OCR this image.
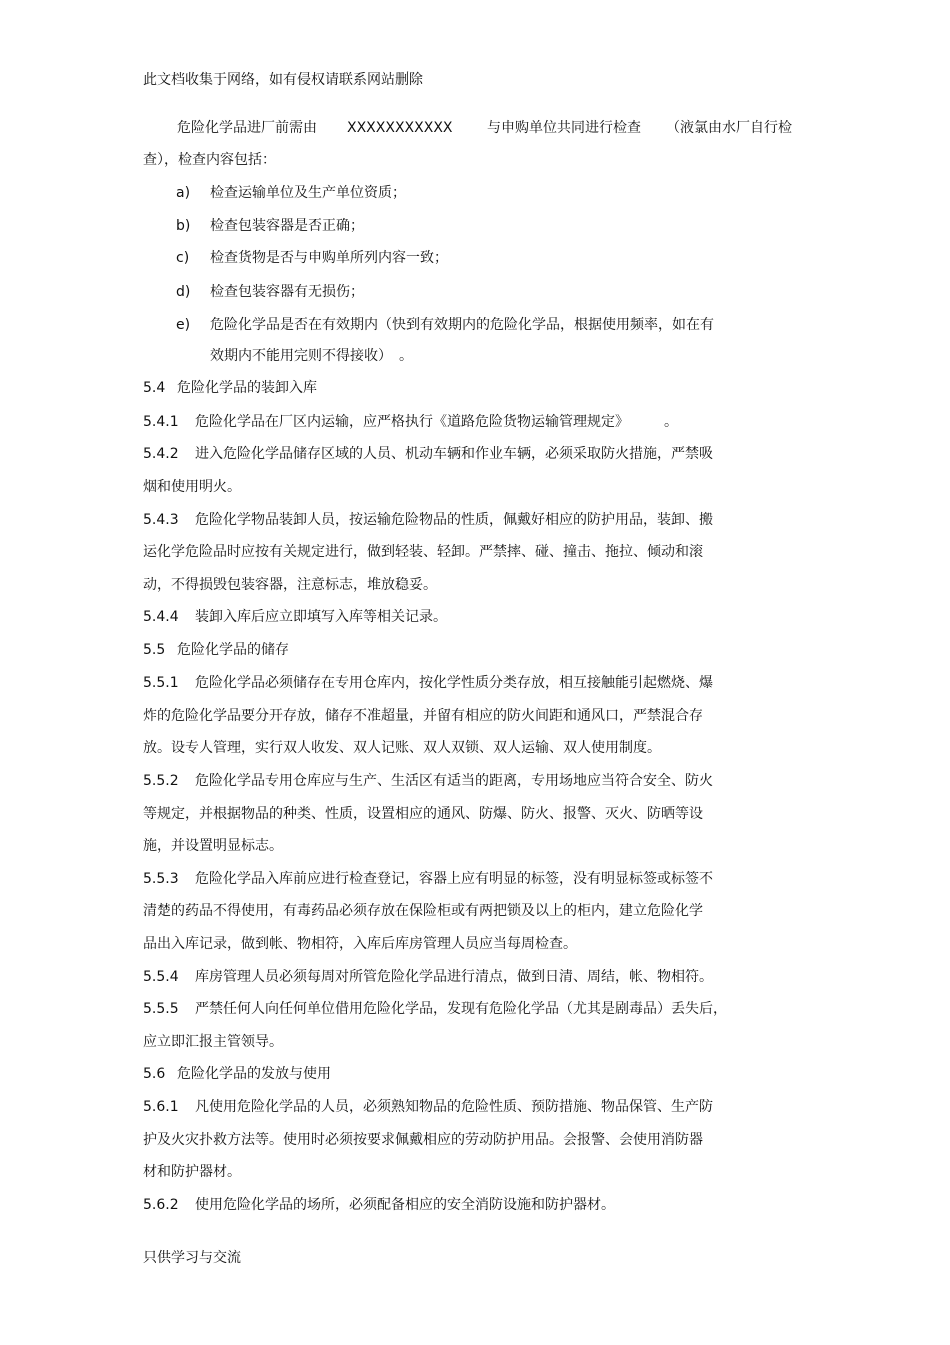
此文档收集于网络，如有侵权请联系网站删除
危险化学品进厂前需由 XXXXXXXXXXX 与申购单位共同进行检查 （液氯由水厂自行检
查），检查内容包括：
a) 检查运输单位及生产单位资质；
b) 检查包装容器是否正确；
c) 检查货物是否与申购单所列内容一致；
d) 检查包装容器有无损伤；
e) 危险化学品是否在有效期内（快到有效期内的危险化学品，根据使用频率，如在有
效期内不能用完则不得接收）　。
5.4 危险化学品的装卸入库
5.4.1 危险化学品在厂区内运输，应严格执行《道路危险货物运输管理规定》　　　。
5.4.2 进入危险化学品储存区域的人员、机动车辆和作业车辆，必须采取防火措施，严禁吸
烟和使用明火。
5.4.3 危险化学物品装卸人员，按运输危险物品的性质，佩戴好相应的防护用品，装卸、搬
运化学危险品时应按有关规定进行，做到轻装、轻卸。严禁摔、碰、撞击、拖拉、倾动和滚
动，不得损毁包装容器，注意标志，堆放稳妥。
5.4.4 装卸入库后应立即填写入库等相关记录。
5.5 危险化学品的储存
5.5.1 危险化学品必须储存在专用仓库内，按化学性质分类存放，相互接触能引起燃烧、爆
炸的危险化学品要分开存放，储存不准超量，并留有相应的防火间距和通风口，严禁混合存
放。设专人管理，实行双人收发、双人记账、双人双锁、双人运输、双人使用制度。
5.5.2 危险化学品专用仓库应与生产、生活区有适当的距离，专用场地应当符合安全、防火
等规定，并根据物品的种类、性质，设置相应的通风、防爆、防火、报警、灭火、防晒等设
施，并设置明显标志。
5.5.3 危险化学品入库前应进行检查登记，容器上应有明显的标签，没有明显标签或标签不
清楚的药品不得使用，有毒药品必须存放在保险柜或有两把锁及以上的柜内，建立危险化学
品出入库记录，做到帐、物相符，入库后库房管理人员应当每周检查。
5.5.4 库房管理人员必须每周对所管危险化学品进行清点，做到日清、周结，帐、物相符。
5.5.5 严禁任何人向任何单位借用危险化学品，发现有危险化学品（尤其是剧毒品）丢失后，
应立即汇报主管领导。
5.6 危险化学品的发放与使用
5.6.1 凡使用危险化学品的人员，必须熟知物品的危险性质、预防措施、物品保管、生产防
护及火灾扑救方法等。使用时必须按要求佩戴相应的劳动防护用品。会报警、会使用消防器
材和防护器材。
5.6.2 使用危险化学品的场所，必须配备相应的安全消防设施和防护器材。
只供学习与交流
